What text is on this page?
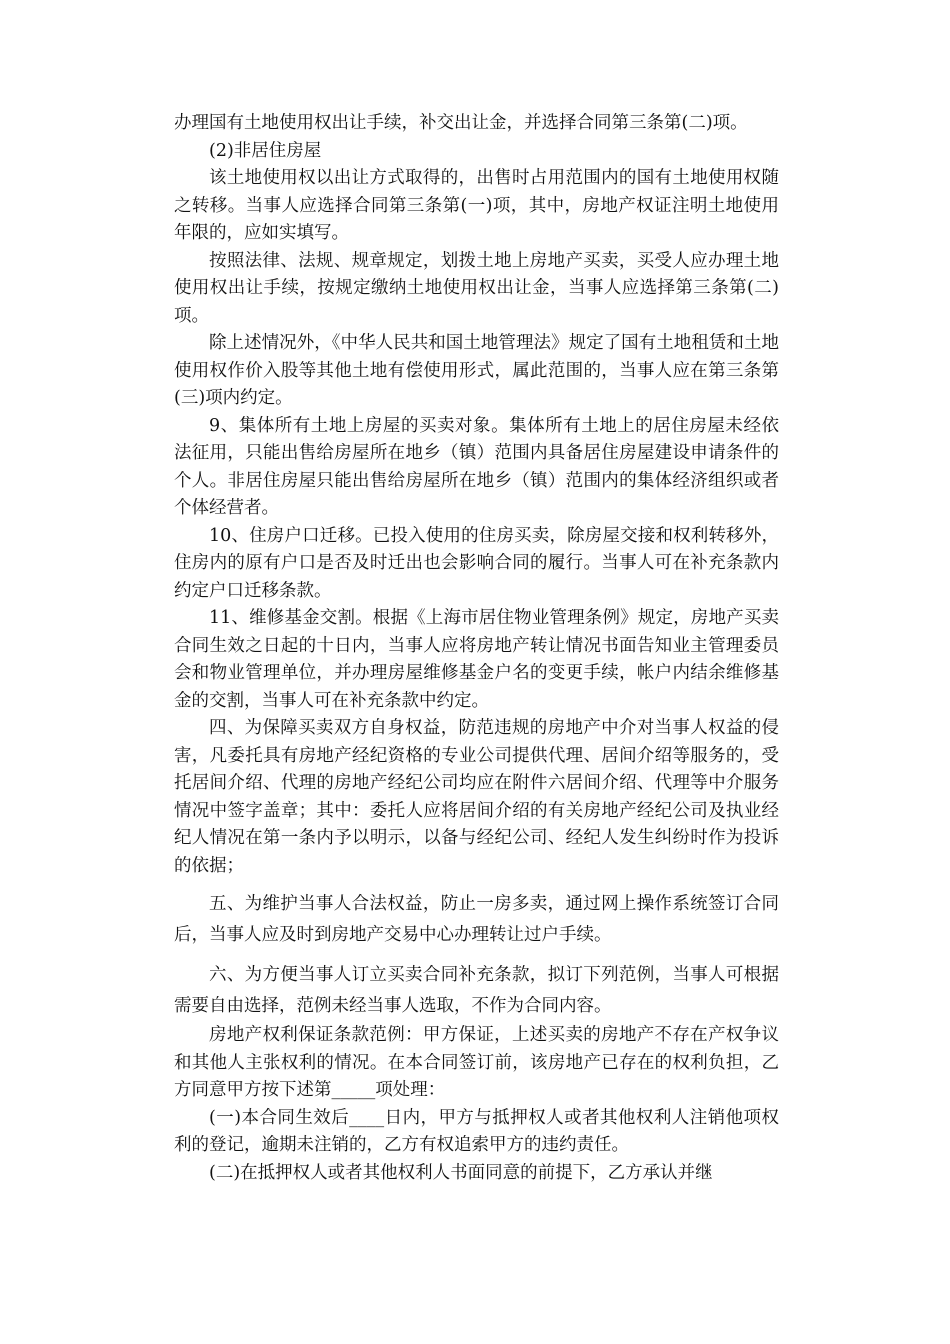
办理国有土地使用权出让手续，补交出让金，并选择合同第三条第(二)项。

(2)非居住房屋

该土地使用权以出让方式取得的，出售时占用范围内的国有土地使用权随之转移。当事人应选择合同第三条第(一)项，其中，房地产权证注明土地使用年限的，应如实填写。

按照法律、法规、规章规定，划拨土地上房地产买卖，买受人应办理土地使用权出让手续，按规定缴纳土地使用权出让金，当事人应选择第三条第(二)项。

除上述情况外，《中华人民共和国土地管理法》规定了国有土地租赁和土地使用权作价入股等其他土地有偿使用形式，属此范围的，当事人应在第三条第(三)项内约定。

9、集体所有土地上房屋的买卖对象。集体所有土地上的居住房屋未经依法征用，只能出售给房屋所在地乡（镇）范围内具备居住房屋建设申请条件的个人。非居住房屋只能出售给房屋所在地乡（镇）范围内的集体经济组织或者个体经营者。

10、住房户口迁移。已投入使用的住房买卖，除房屋交接和权利转移外，住房内的原有户口是否及时迁出也会影响合同的履行。当事人可在补充条款内约定户口迁移条款。

11、维修基金交割。根据《上海市居住物业管理条例》规定，房地产买卖合同生效之日起的十日内，当事人应将房地产转让情况书面告知业主管理委员会和物业管理单位，并办理房屋维修基金户名的变更手续，帐户内结余维修基金的交割，当事人可在补充条款中约定。

四、为保障买卖双方自身权益，防范违规的房地产中介对当事人权益的侵害，凡委托具有房地产经纪资格的专业公司提供代理、居间介绍等服务的，受托居间介绍、代理的房地产经纪公司均应在附件六居间介绍、代理等中介服务情况中签字盖章；其中：委托人应将居间介绍的有关房地产经纪公司及执业经纪人情况在第一条内予以明示，以备与经纪公司、经纪人发生纠纷时作为投诉的依据；

五、为维护当事人合法权益，防止一房多卖，通过网上操作系统签订合同后，当事人应及时到房地产交易中心办理转让过户手续。

六、为方便当事人订立买卖合同补充条款，拟订下列范例，当事人可根据需要自由选择，范例未经当事人选取，不作为合同内容。

房地产权利保证条款范例：甲方保证，上述买卖的房地产不存在产权争议和其他人主张权利的情况。在本合同签订前，该房地产已存在的权利负担，乙方同意甲方按下述第_____项处理：

(一)本合同生效后____日内，甲方与抵押权人或者其他权利人注销他项权利的登记，逾期未注销的，乙方有权追索甲方的违约责任。

(二)在抵押权人或者其他权利人书面同意的前提下，乙方承认并继
